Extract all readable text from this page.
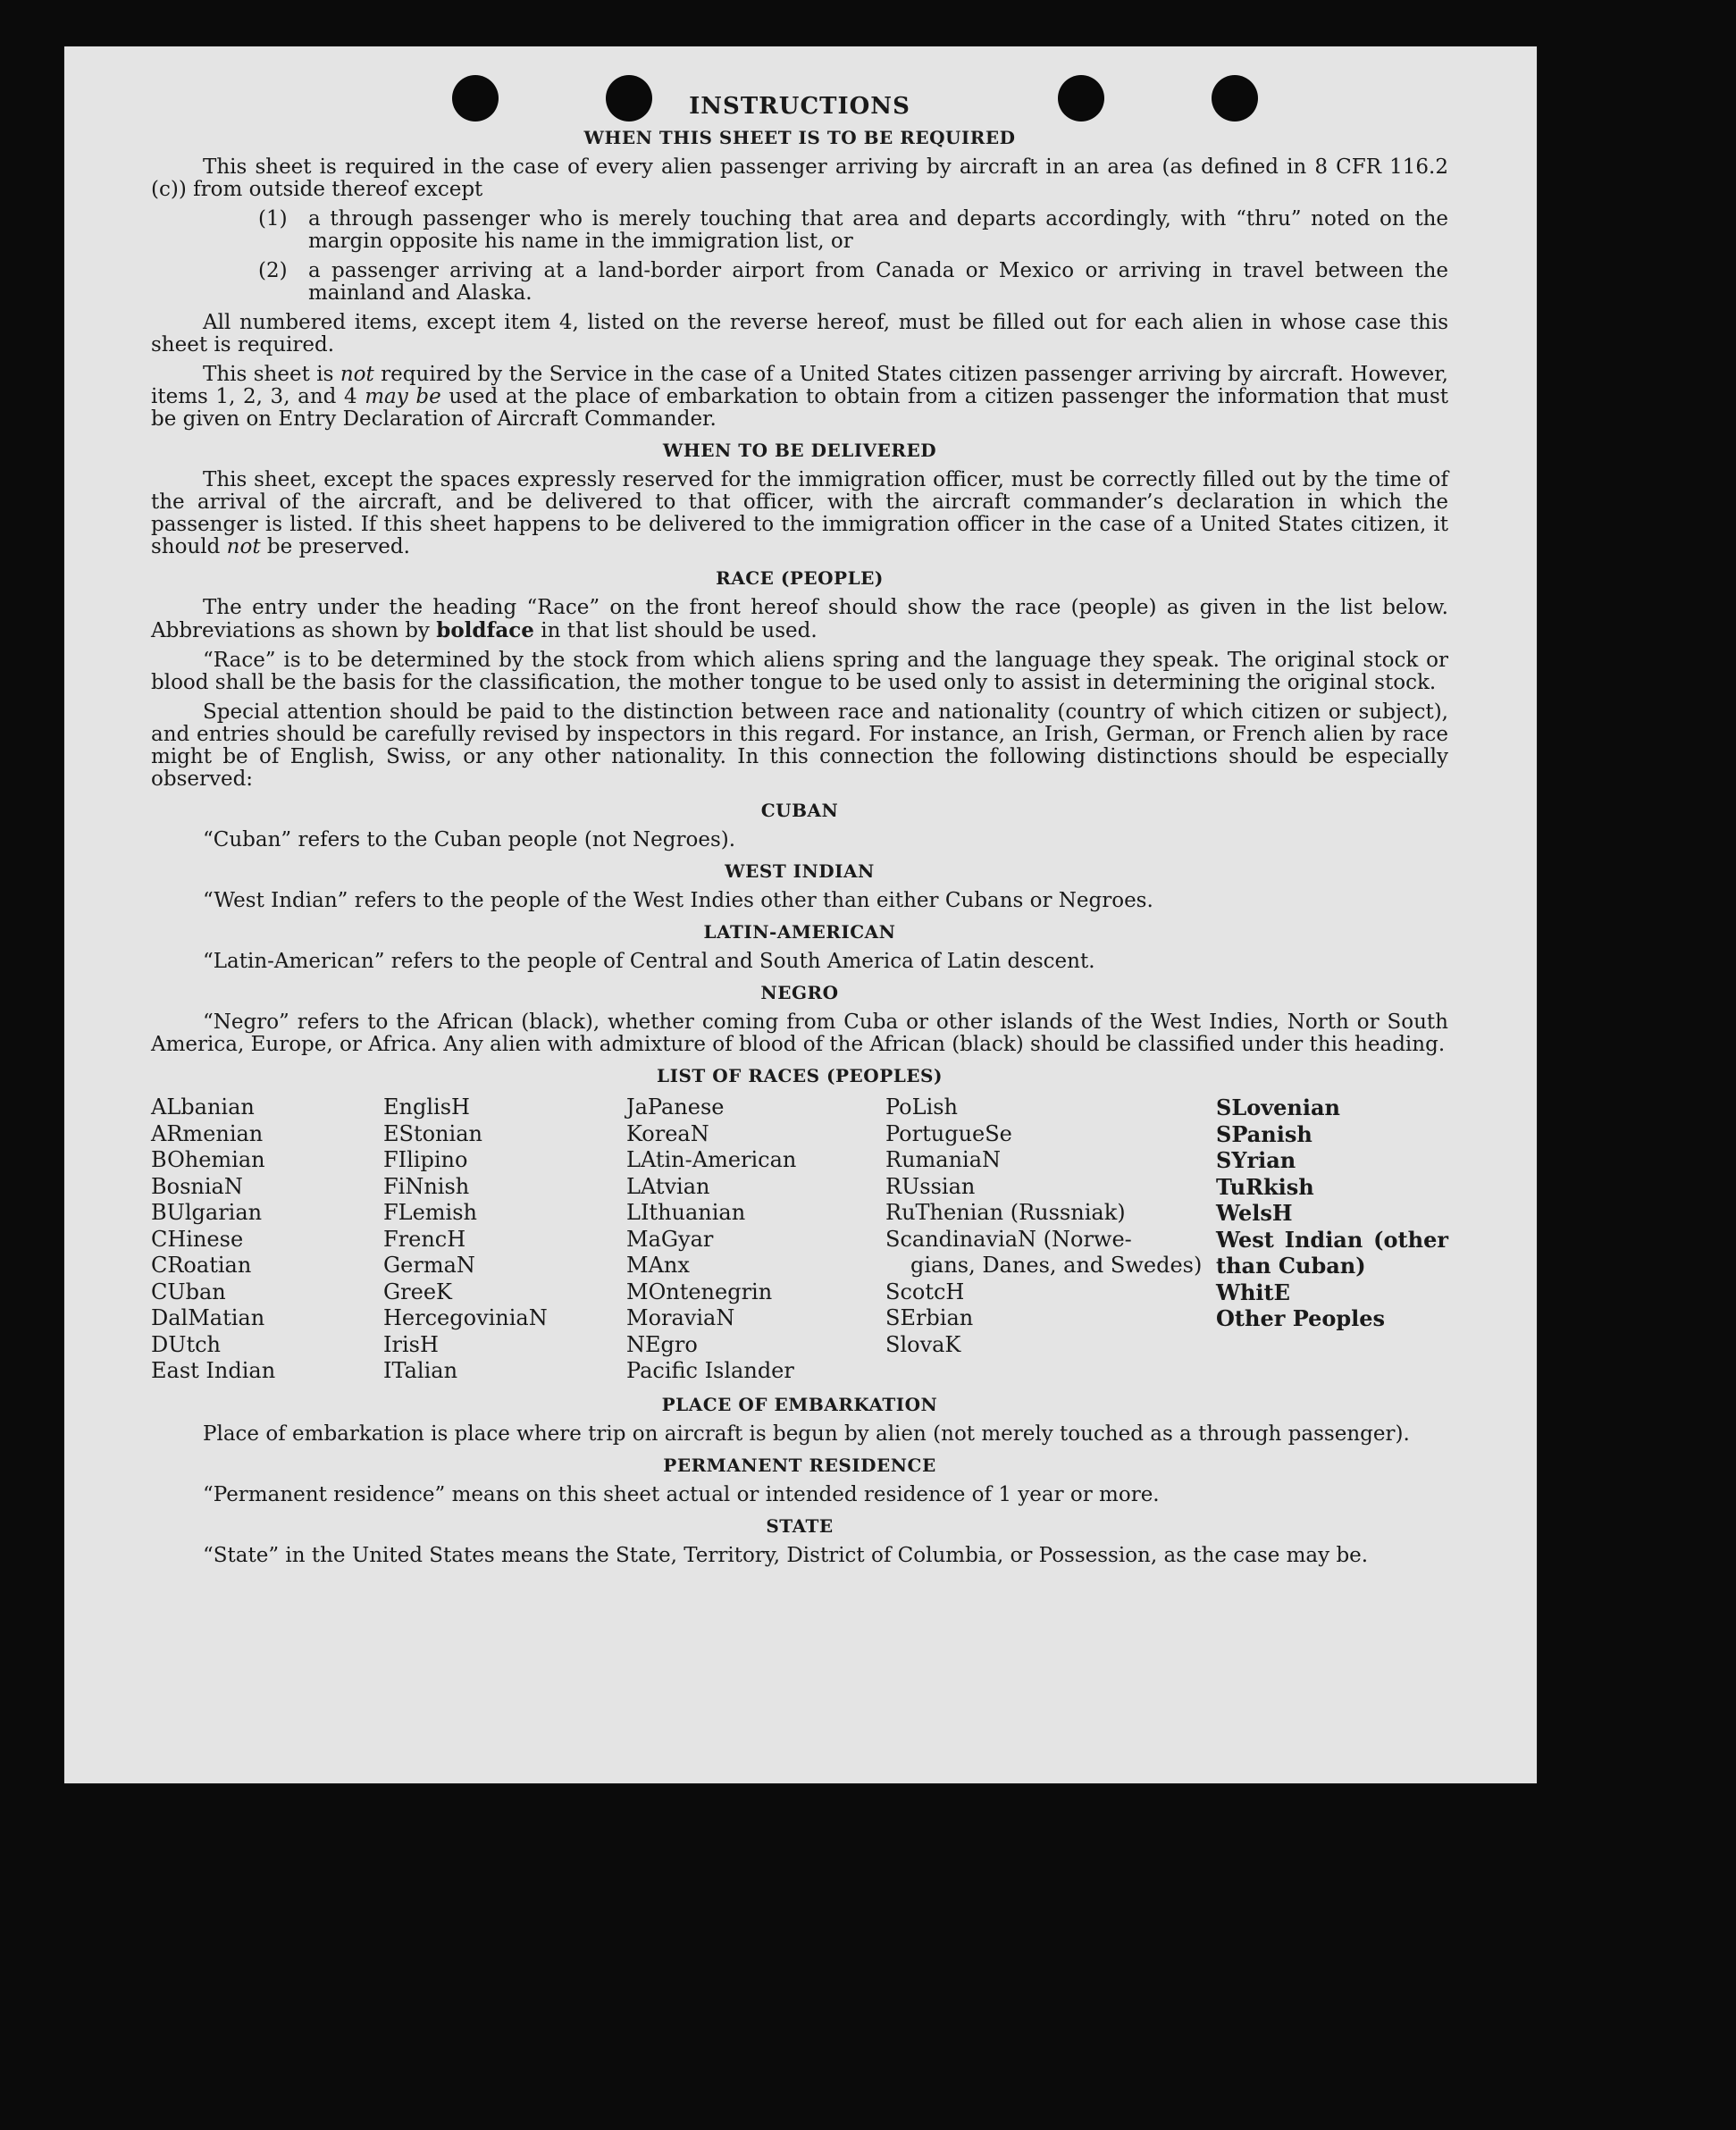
INSTRUCTIONS
WHEN THIS SHEET IS TO BE REQUIRED

This sheet is required in the case of every alien passenger arriving by aircraft in an area (as defined in 8 CFR 116.2 (c)) from outside thereof except

(1)	a through passenger who is merely touching that area and departs accordingly, with “thru” noted on the margin opposite his name in the immigration list, or
(2)	a passenger arriving at a land-border airport from Canada or Mexico or arriving in travel between the mainland and Alaska.

All numbered items, except item 4, listed on the reverse hereof, must be filled out for each alien in whose case this sheet is required.

This sheet is not required by the Service in the case of a United States citizen passenger arriving by aircraft. However, items 1, 2, 3, and 4 may be used at the place of embarkation to obtain from a citizen passenger the information that must be given on Entry Declaration of Aircraft Commander.

WHEN TO BE DELIVERED

This sheet, except the spaces expressly reserved for the immigration officer, must be correctly filled out by the time of the arrival of the aircraft, and be delivered to that officer, with the aircraft commander’s declaration in which the passenger is listed. If this sheet happens to be delivered to the immigration officer in the case of a United States citizen, it should not be preserved.

RACE (PEOPLE)

The entry under the heading “Race” on the front hereof should show the race (people) as given in the list below. Abbreviations as shown by boldface in that list should be used.

“Race” is to be determined by the stock from which aliens spring and the language they speak. The original stock or blood shall be the basis for the classification, the mother tongue to be used only to assist in determining the original stock.

Special attention should be paid to the distinction between race and nationality (country of which citizen or subject), and entries should be carefully revised by inspectors in this regard. For instance, an Irish, German, or French alien by race might be of English, Swiss, or any other nationality. In this connection the following distinctions should be especially observed:

CUBAN

“Cuban” refers to the Cuban people (not Negroes).

WEST INDIAN

“West Indian” refers to the people of the West Indies other than either Cubans or Negroes.

LATIN-AMERICAN

“Latin-American” refers to the people of Central and South America of Latin descent.

NEGRO

“Negro” refers to the African (black), whether coming from Cuba or other islands of the West Indies, North or South America, Europe, or Africa. Any alien with admixture of blood of the African (black) should be classified under this heading.

LIST OF RACES (PEOPLES)
ALbanian
ARmenian
BOhemian
BosniaN
BUlgarian
CHinese
CRoatian
CUban
DalMatian
DUtch
East Indian
EnglisH
EStonian
FIlipino
FiNnish
FLemish
FrencH
GermaN
GreeK
HercegoviniaN
IrisH
ITalian
JaPanese
KoreaN
LAtin-American
LAtvian
LIthuanian
MaGyar
MAnx
MOntenegrin
MoraviaN
NEgro
Pacific Islander
PoLish
PortugueSe
RumaniaN
RUssian
RuThenian (Russniak)
ScandinaviaN (Norwe-
gians, Danes, and Swedes)
ScotcH
SErbian
SlovaK
SLovenian
SPanish
SYrian
TuRkish
WelsH
West Indian (other than Cuban)
WhitE
Other Peoples
PLACE OF EMBARKATION

Place of embarkation is place where trip on aircraft is begun by alien (not merely touched as a through passenger).

PERMANENT RESIDENCE

“Permanent residence” means on this sheet actual or intended residence of 1 year or more.

STATE

“State” in the United States means the State, Territory, District of Columbia, or Possession, as the case may be.
